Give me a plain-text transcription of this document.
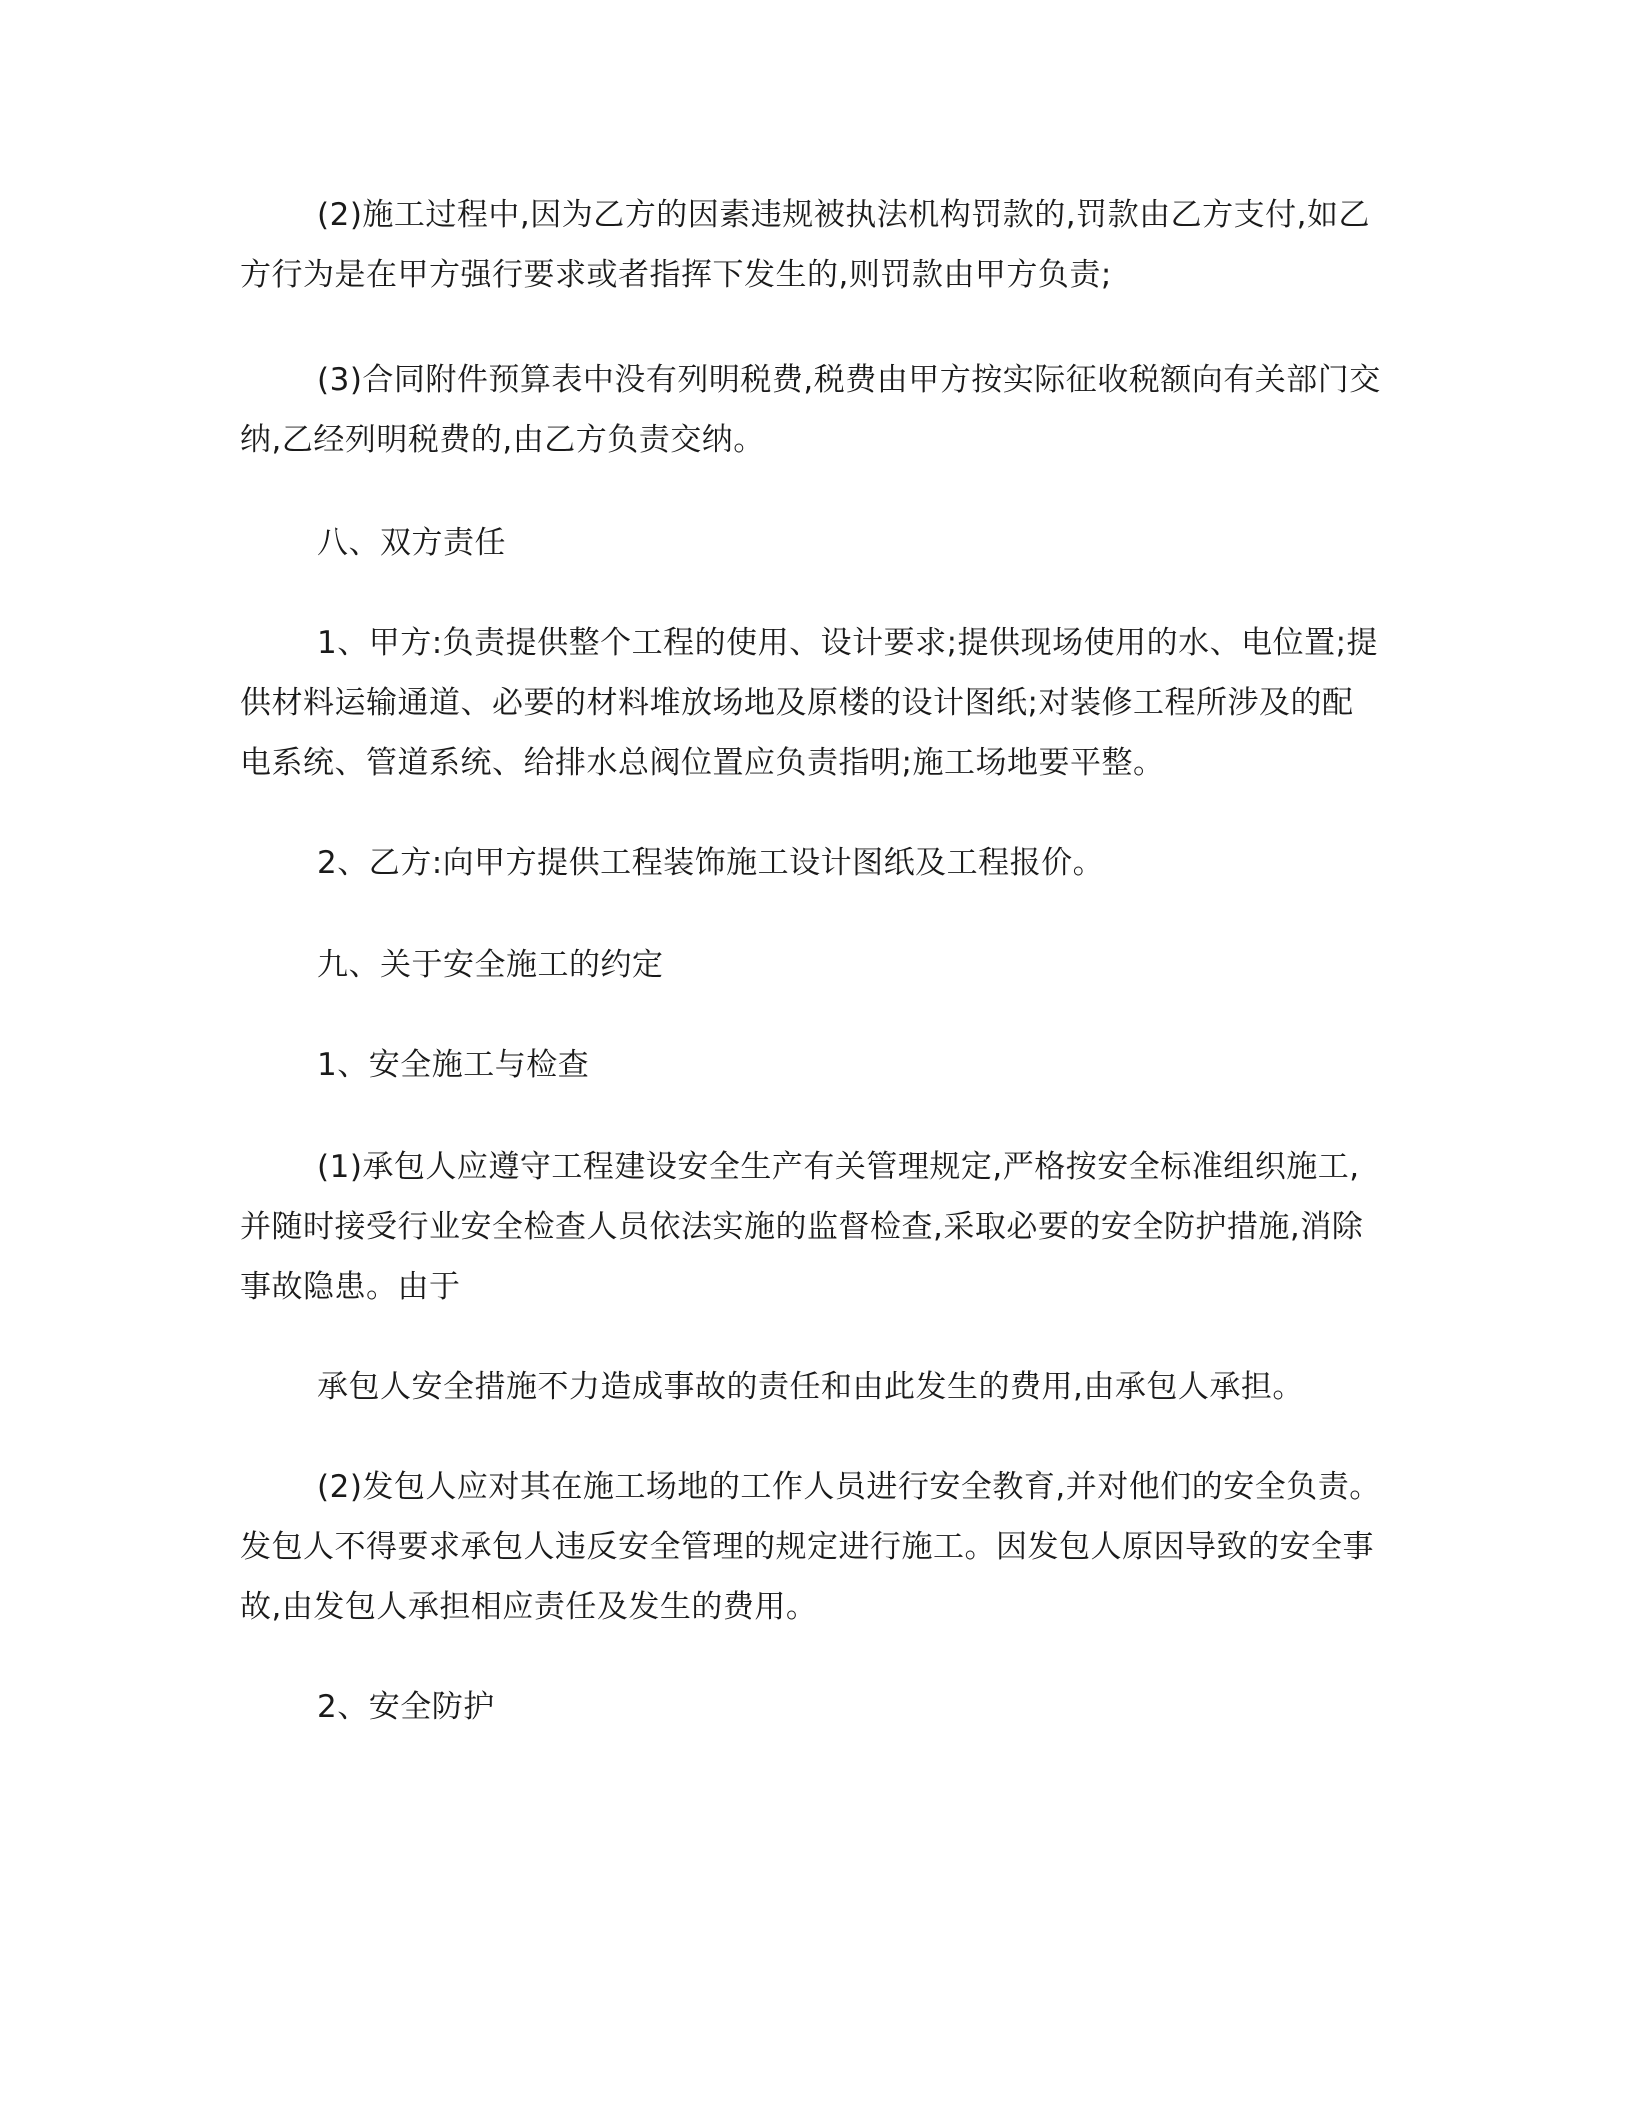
(2)施工过程中,因为乙方的因素违规被执法机构罚款的,罚款由乙方支付,如乙
方行为是在甲方强行要求或者指挥下发生的,则罚款由甲方负责;

(3)合同附件预算表中没有列明税费,税费由甲方按实际征收税额向有关部门交
纳,乙经列明税费的,由乙方负责交纳。

八、双方责任

1、甲方:负责提供整个工程的使用、设计要求;提供现场使用的水、电位置;提
供材料运输通道、必要的材料堆放场地及原楼的设计图纸;对装修工程所涉及的配
电系统、管道系统、给排水总阀位置应负责指明;施工场地要平整。

2、乙方:向甲方提供工程装饰施工设计图纸及工程报价。

九、关于安全施工的约定

1、安全施工与检查

(1)承包人应遵守工程建设安全生产有关管理规定,严格按安全标准组织施工,
并随时接受行业安全检查人员依法实施的监督检查,采取必要的安全防护措施,消除
事故隐患。由于

承包人安全措施不力造成事故的责任和由此发生的费用,由承包人承担。

(2)发包人应对其在施工场地的工作人员进行安全教育,并对他们的安全负责。
发包人不得要求承包人违反安全管理的规定进行施工。因发包人原因导致的安全事
故,由发包人承担相应责任及发生的费用。

2、安全防护
